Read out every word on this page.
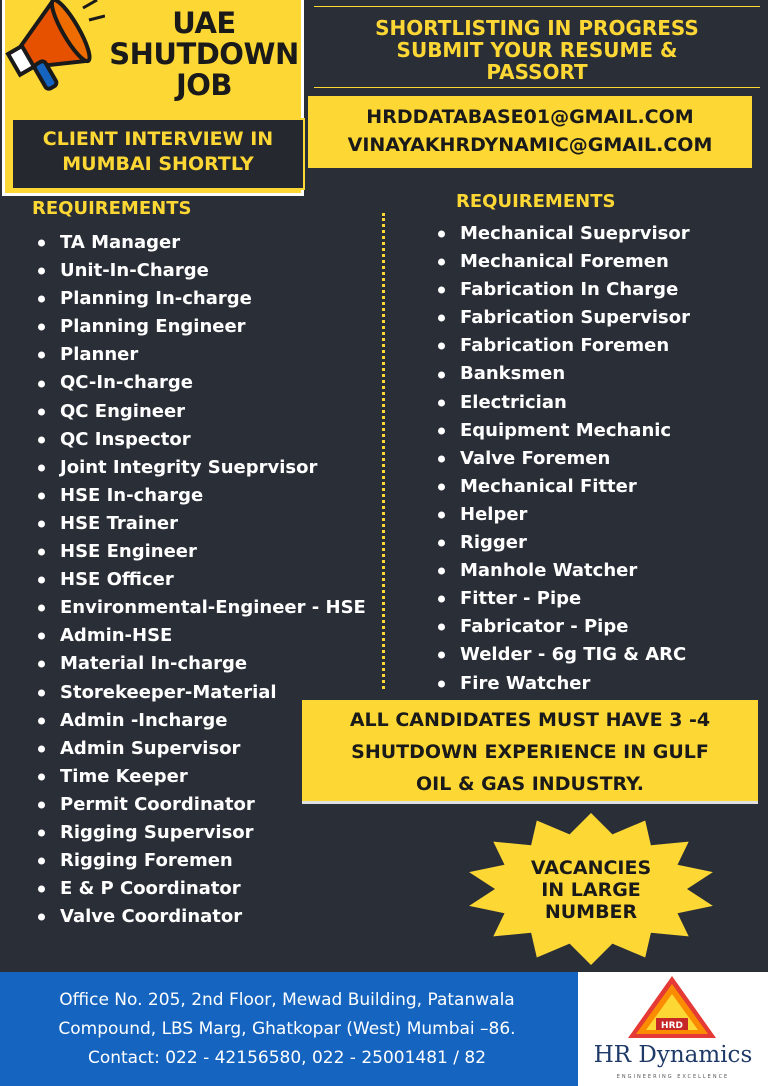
UAE
SHUTDOWN
JOB
CLIENT INTERVIEW IN
MUMBAI SHORTLY
SHORTLISTING IN PROGRESS
SUBMIT YOUR RESUME &
PASSORT
HRDDATABASE01@GMAIL.COM
VINAYAKHRDYNAMIC@GMAIL.COM
REQUIREMENTS
TA Manager
Unit-In-Charge
Planning In-charge
Planning Engineer
Planner
QC-In-charge
QC Engineer
QC Inspector
Joint Integrity Sueprvisor
HSE In-charge
HSE Trainer
HSE Engineer
HSE Officer
Environmental-Engineer - HSE
Admin-HSE
Material In-charge
Storekeeper-Material
Admin -Incharge
Admin Supervisor
Time Keeper
Permit Coordinator
Rigging Supervisor
Rigging Foremen
E & P Coordinator
Valve Coordinator
REQUIREMENTS
Mechanical Sueprvisor
Mechanical Foremen
Fabrication In Charge
Fabrication Supervisor
Fabrication Foremen
Banksmen
Electrician
Equipment Mechanic
Valve Foremen
Mechanical Fitter
Helper
Rigger
Manhole Watcher
Fitter - Pipe
Fabricator - Pipe
Welder - 6g TIG & ARC
Fire Watcher
ALL CANDIDATES MUST HAVE 3 -4
SHUTDOWN EXPERIENCE IN GULF
OIL & GAS INDUSTRY.
VACANCIES
IN LARGE
NUMBER
Office No. 205, 2nd Floor, Mewad Building, Patanwala
Compound, LBS Marg, Ghatkopar (West) Mumbai –86.
Contact: 022 - 42156580, 022 - 25001481 / 82
HRD
HR Dynamics
ENGINEERING EXCELLENCE
